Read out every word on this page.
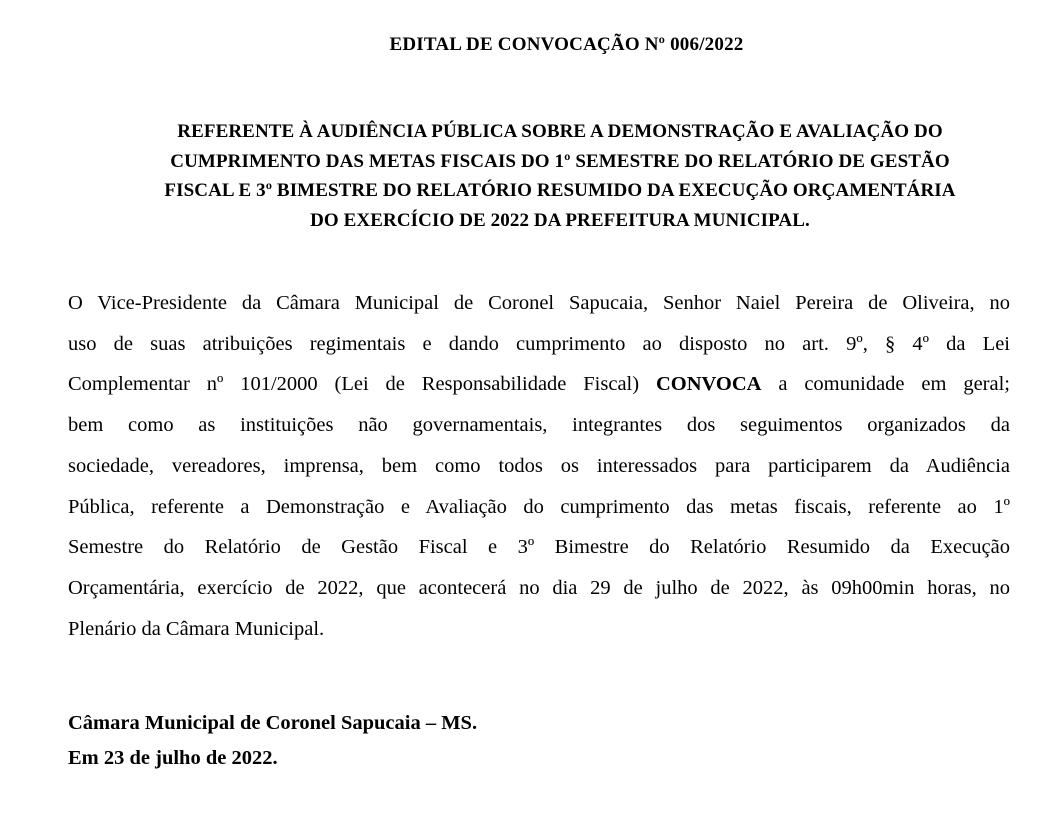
EDITAL DE CONVOCAÇÃO Nº 006/2022
REFERENTE À AUDIÊNCIA PÚBLICA SOBRE A DEMONSTRAÇÃO E AVALIAÇÃO DO
CUMPRIMENTO DAS METAS FISCAIS DO 1º SEMESTRE DO RELATÓRIO DE GESTÃO
FISCAL E 3º BIMESTRE DO RELATÓRIO RESUMIDO DA EXECUÇÃO ORÇAMENTÁRIA
DO EXERCÍCIO DE 2022 DA PREFEITURA MUNICIPAL.
O Vice-Presidente da Câmara Municipal de Coronel Sapucaia, Senhor Naiel Pereira de Oliveira, no
uso de suas atribuições regimentais e dando cumprimento ao disposto no art. 9º, § 4º da Lei
Complementar nº 101/2000 (Lei de Responsabilidade Fiscal) CONVOCA a comunidade em geral;
bem como as instituições não governamentais, integrantes dos seguimentos organizados da
sociedade, vereadores, imprensa, bem como todos os interessados para participarem da Audiência
Pública, referente a Demonstração e Avaliação do cumprimento das metas fiscais, referente ao 1º
Semestre do Relatório de Gestão Fiscal e 3º Bimestre do Relatório Resumido da Execução
Orçamentária, exercício de 2022, que acontecerá no dia 29 de julho de 2022, às 09h00min horas, no
Plenário da Câmara Municipal.
Câmara Municipal de Coronel Sapucaia – MS.
Em 23 de julho de 2022.
